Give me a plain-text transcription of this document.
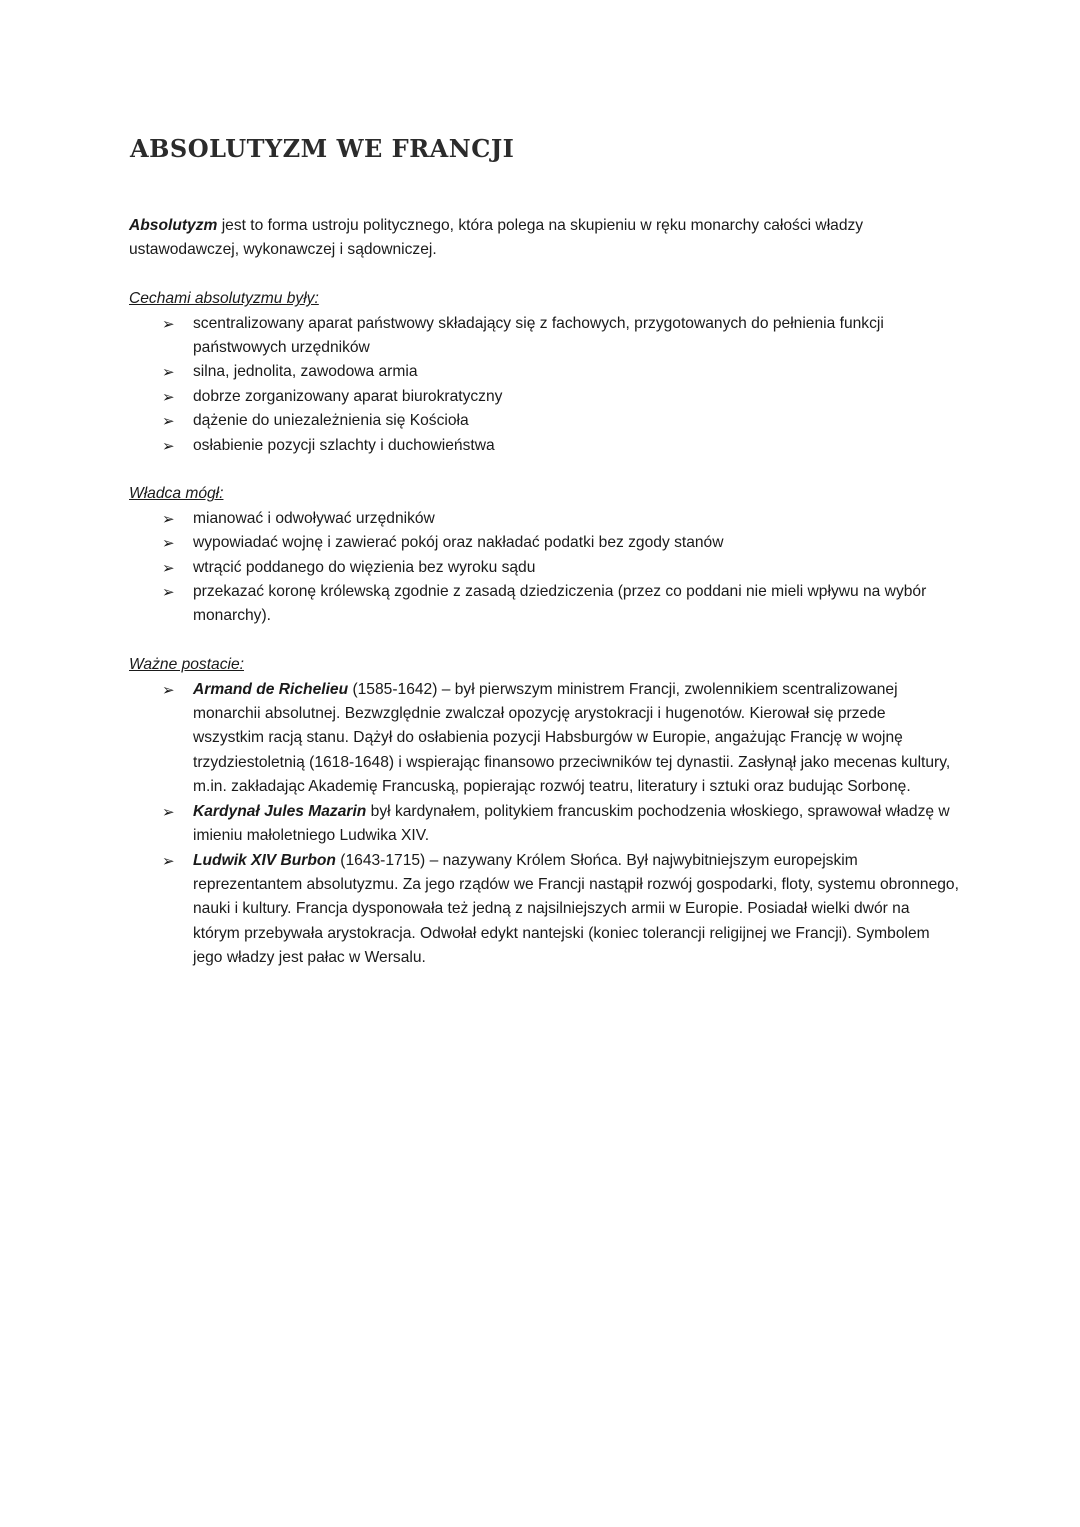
ABSOLUTYZM WE FRANCJI

Absolutyzm jest to forma ustroju politycznego, która polega na skupieniu w ręku monarchy całości władzy ustawodawczej, wykonawczej i sądowniczej.

Cechami absolutyzmu były:

➢ scentralizowany aparat państwowy składający się z fachowych, przygotowanych do pełnienia funkcji państwowych urzędników
➢ silna, jednolita, zawodowa armia
➢ dobrze zorganizowany aparat biurokratyczny
➢ dążenie do uniezależnienia się Kościoła
➢ osłabienie pozycji szlachty i duchowieństwa

Władca mógł:

➢ mianować i odwoływać urzędników
➢ wypowiadać wojnę i zawierać pokój oraz nakładać podatki bez zgody stanów
➢ wtrącić poddanego do więzienia bez wyroku sądu
➢ przekazać koronę królewską zgodnie z zasadą dziedziczenia (przez co poddani nie mieli wpływu na wybór monarchy).

Ważne postacie:

➢ Armand de Richelieu (1585-1642) – był pierwszym ministrem Francji, zwolennikiem scentralizowanej monarchii absolutnej. Bezwzględnie zwalczał opozycję arystokracji i hugenotów. Kierował się przede wszystkim racją stanu. Dążył do osłabienia pozycji Habsburgów w Europie, angażując Francję w wojnę trzydziestoletnią (1618-1648) i wspierając finansowo przeciwników tej dynastii. Zasłynął jako mecenas kultury, m.in. zakładając Akademię Francuską, popierając rozwój teatru, literatury i sztuki oraz budując Sorbonę.
➢ Kardynał Jules Mazarin był kardynałem, politykiem francuskim pochodzenia włoskiego, sprawował władzę w imieniu małoletniego Ludwika XIV.
➢ Ludwik XIV Burbon (1643-1715) – nazywany Królem Słońca. Był najwybitniejszym europejskim reprezentantem absolutyzmu. Za jego rządów we Francji nastąpił rozwój gospodarki, floty, systemu obronnego, nauki i kultury. Francja dysponowała też jedną z najsilniejszych armii w Europie. Posiadał wielki dwór na którym przebywała arystokracja. Odwołał edykt nantejski (koniec tolerancji religijnej we Francji). Symbolem jego władzy jest pałac w Wersalu.
